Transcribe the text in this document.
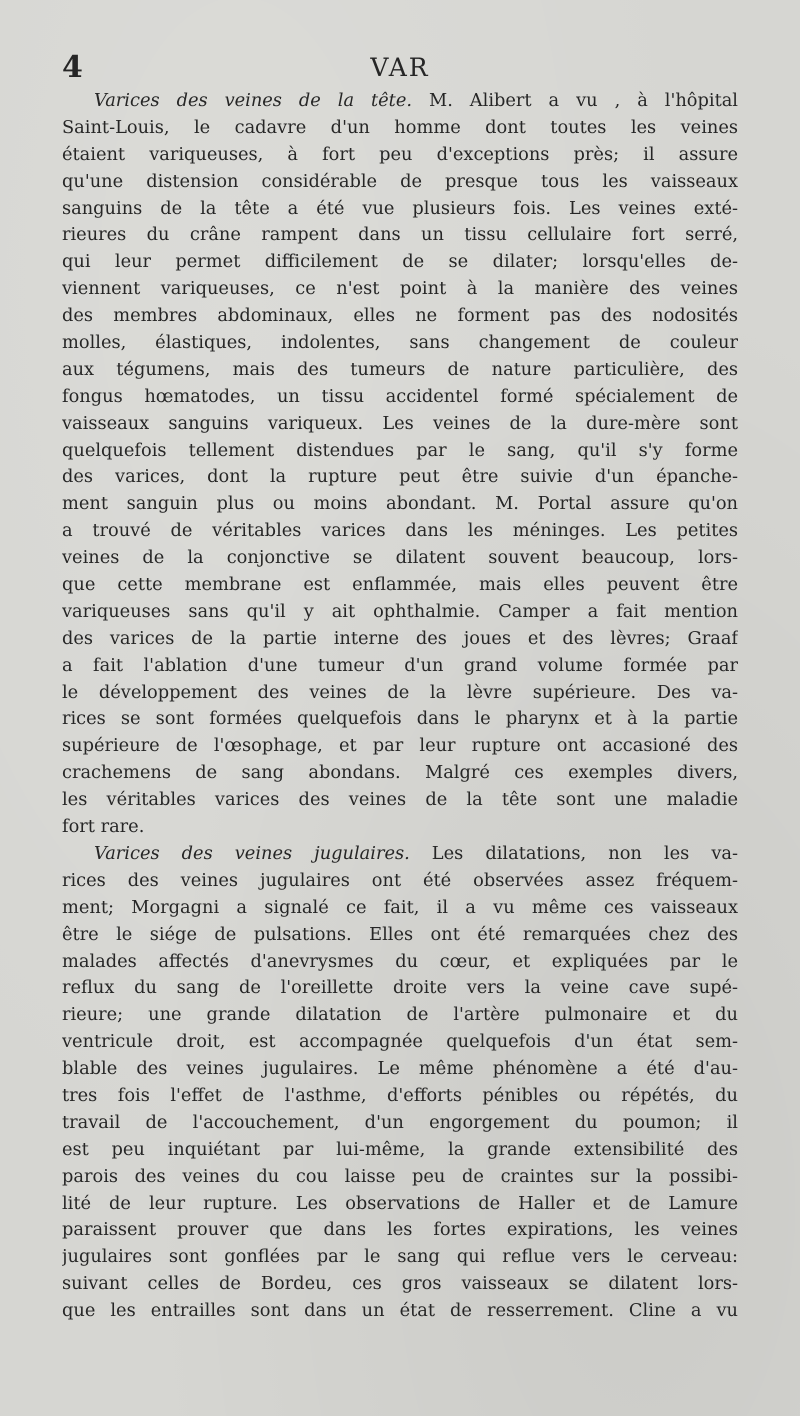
4	VAR
Varices des veines de la tête. M. Alibert a vu , à l'hôpital
Saint-Louis, le cadavre d'un homme dont toutes les veines
étaient variqueuses, à fort peu d'exceptions près; il assure
qu'une distension considérable de presque tous les vaisseaux
sanguins de la tête a été vue plusieurs fois. Les veines exté-
rieures du crâne rampent dans un tissu cellulaire fort serré,
qui leur permet difficilement de se dilater; lorsqu'elles de-
viennent variqueuses, ce n'est point à la manière des veines
des membres abdominaux, elles ne forment pas des nodosités
molles, élastiques, indolentes, sans changement de couleur
aux tégumens, mais des tumeurs de nature particulière, des
fongus hœmatodes, un tissu accidentel formé spécialement de
vaisseaux sanguins variqueux. Les veines de la dure-mère sont
quelquefois tellement distendues par le sang, qu'il s'y forme
des varices, dont la rupture peut être suivie d'un épanche-
ment sanguin plus ou moins abondant. M. Portal assure qu'on
a trouvé de véritables varices dans les méninges. Les petites
veines de la conjonctive se dilatent souvent beaucoup, lors-
que cette membrane est enflammée, mais elles peuvent être
variqueuses sans qu'il y ait ophthalmie. Camper a fait mention
des varices de la partie interne des joues et des lèvres; Graaf
a fait l'ablation d'une tumeur d'un grand volume formée par
le développement des veines de la lèvre supérieure. Des va-
rices se sont formées quelquefois dans le pharynx et à la partie
supérieure de l'œsophage, et par leur rupture ont accasioné des
crachemens de sang abondans. Malgré ces exemples divers,
les véritables varices des veines de la tête sont une maladie
fort rare.
Varices des veines jugulaires. Les dilatations, non les va-
rices des veines jugulaires ont été observées assez fréquem-
ment; Morgagni a signalé ce fait, il a vu même ces vaisseaux
être le siége de pulsations. Elles ont été remarquées chez des
malades affectés d'anevrysmes du cœur, et expliquées par le
reflux du sang de l'oreillette droite vers la veine cave supé-
rieure; une grande dilatation de l'artère pulmonaire et du
ventricule droit, est accompagnée quelquefois d'un état sem-
blable des veines jugulaires. Le même phénomène a été d'au-
tres fois l'effet de l'asthme, d'efforts pénibles ou répétés, du
travail de l'accouchement, d'un engorgement du poumon; il
est peu inquiétant par lui-même, la grande extensibilité des
parois des veines du cou laisse peu de craintes sur la possibi-
lité de leur rupture. Les observations de Haller et de Lamure
paraissent prouver que dans les fortes expirations, les veines
jugulaires sont gonflées par le sang qui reflue vers le cerveau:
suivant celles de Bordeu, ces gros vaisseaux se dilatent lors-
que les entrailles sont dans un état de resserrement. Cline a vu
